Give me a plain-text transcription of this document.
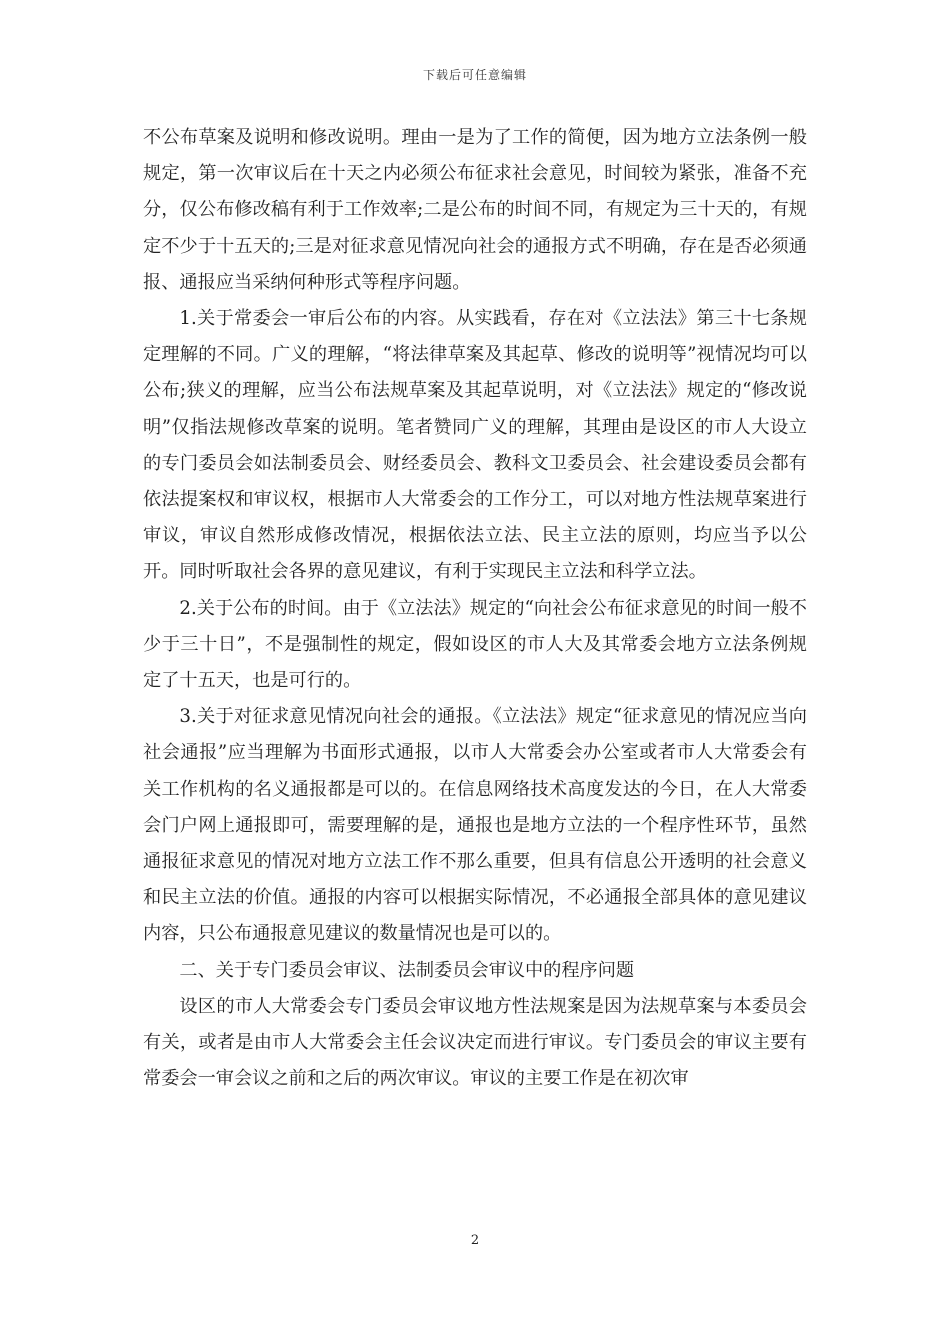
下载后可任意编辑

不公布草案及说明和修改说明。理由一是为了工作的简便，因为地方立法条例一般规定，第一次审议后在十天之内必须公布征求社会意见，时间较为紧张，准备不充分，仅公布修改稿有利于工作效率;二是公布的时间不同，有规定为三十天的，有规定不少于十五天的;三是对征求意见情况向社会的通报方式不明确，存在是否必须通报、通报应当采纳何种形式等程序问题。

1.关于常委会一审后公布的内容。从实践看，存在对《立法法》第三十七条规定理解的不同。广义的理解，“将法律草案及其起草、修改的说明等”视情况均可以公布;狭义的理解，应当公布法规草案及其起草说明，对《立法法》规定的“修改说明”仅指法规修改草案的说明。笔者赞同广义的理解，其理由是设区的市人大设立的专门委员会如法制委员会、财经委员会、教科文卫委员会、社会建设委员会都有依法提案权和审议权，根据市人大常委会的工作分工，可以对地方性法规草案进行审议，审议自然形成修改情况，根据依法立法、民主立法的原则，均应当予以公开。同时听取社会各界的意见建议，有利于实现民主立法和科学立法。

2.关于公布的时间。由于《立法法》规定的“向社会公布征求意见的时间一般不少于三十日”，不是强制性的规定，假如设区的市人大及其常委会地方立法条例规定了十五天，也是可行的。

3.关于对征求意见情况向社会的通报。《立法法》规定“征求意见的情况应当向社会通报”应当理解为书面形式通报，以市人大常委会办公室或者市人大常委会有关工作机构的名义通报都是可以的。在信息网络技术高度发达的今日，在人大常委会门户网上通报即可，需要理解的是，通报也是地方立法的一个程序性环节，虽然通报征求意见的情况对地方立法工作不那么重要，但具有信息公开透明的社会意义和民主立法的价值。通报的内容可以根据实际情况，不必通报全部具体的意见建议内容，只公布通报意见建议的数量情况也是可以的。

二、关于专门委员会审议、法制委员会审议中的程序问题

设区的市人大常委会专门委员会审议地方性法规案是因为法规草案与本委员会有关，或者是由市人大常委会主任会议决定而进行审议。专门委员会的审议主要有常委会一审会议之前和之后的两次审议。审议的主要工作是在初次审

2
